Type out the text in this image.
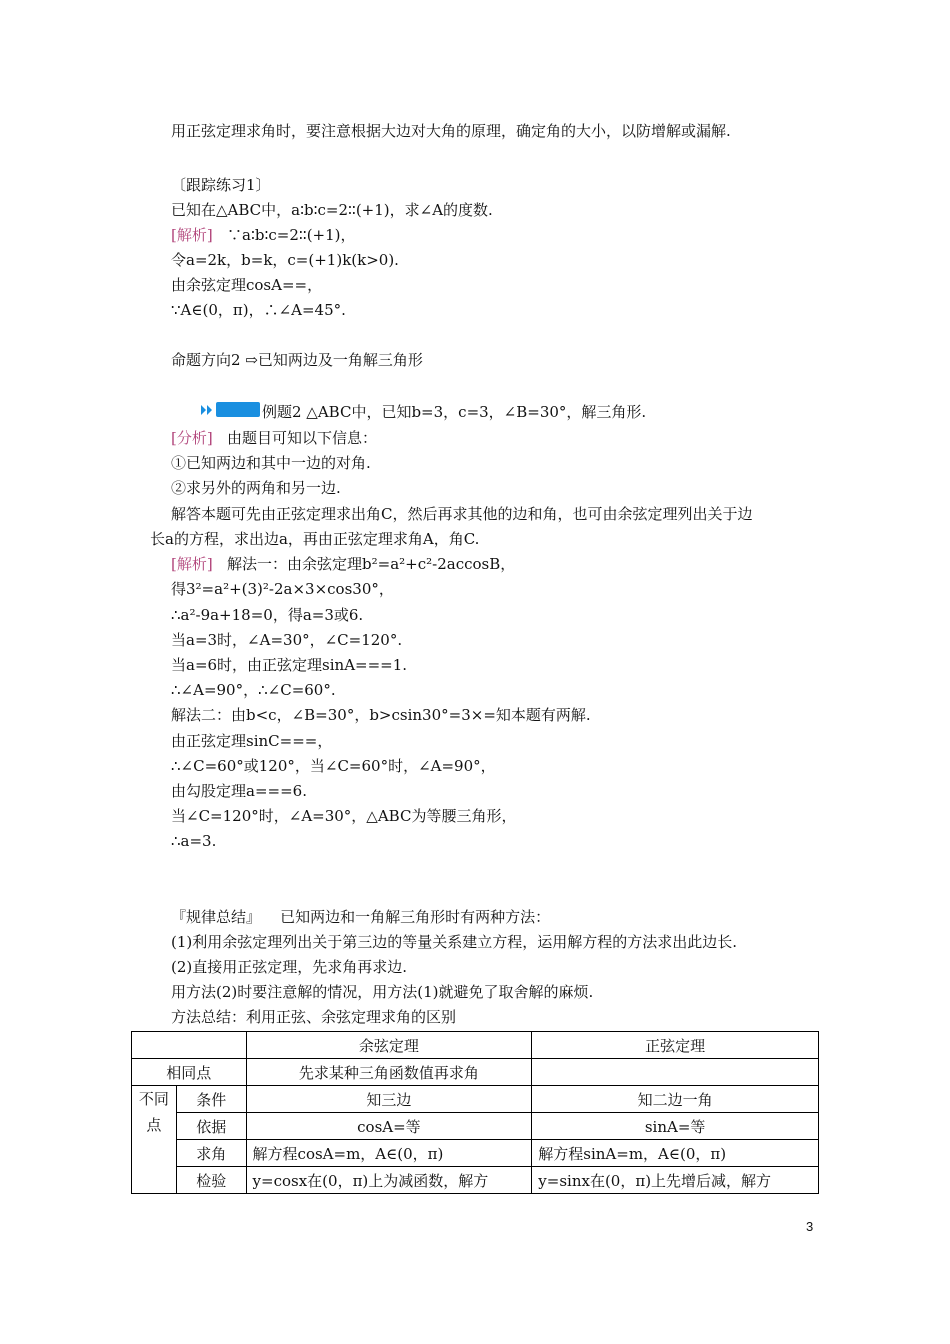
用正弦定理求角时，要注意根据大边对大角的原理，确定角的大小，以防增解或漏解.
〔跟踪练习1〕
已知在△ABC中，a∶b∶c=2∶∶(+1)，求∠A的度数.
[解析] ∵a∶b∶c=2∶∶(+1)，
令a=2k，b=k，c=(+1)k(k>0).
由余弦定理cosA==，
∵A∈(0，π)，∴∠A=45°.
命题方向2 ⇨已知两边及一角解三角形
例题2 △ABC中，已知b=3，c=3，∠B=30°，解三角形.
[分析] 由题目可知以下信息：
①已知两边和其中一边的对角.
②求另外的两角和另一边.
解答本题可先由正弦定理求出角C，然后再求其他的边和角，也可由余弦定理列出关于边
长a的方程，求出边a，再由正弦定理求角A，角C.
[解析] 解法一：由余弦定理b²=a²+c²-2accosB，
得3²=a²+(3)²-2a×3×cos30°，
∴a²-9a+18=0，得a=3或6.
当a=3时，∠A=30°，∠C=120°.
当a=6时，由正弦定理sinA===1.
∴∠A=90°，∴∠C=60°.
解法二：由b<c，∠B=30°，b>csin30°=3×=知本题有两解.
由正弦定理sinC===，
∴∠C=60°或120°，当∠C=60°时，∠A=90°，
由勾股定理a===6.
当∠C=120°时，∠A=30°，△ABC为等腰三角形，
∴a=3.
『规律总结』 已知两边和一角解三角形时有两种方法：
(1)利用余弦定理列出关于第三边的等量关系建立方程，运用解方程的方法求出此边长.
(2)直接用正弦定理，先求角再求边.
用方法(2)时要注意解的情况，用方法(1)就避免了取舍解的麻烦.
方法总结：利用正弦、余弦定理求角的区别
		余弦定理	正弦定理
相同点		先求某种三角函数值再求角	
不同点	条件	知三边	知二边一角
	依据	cosA=等	sinA=等
	求角	解方程cosA=m，A∈(0，π)	解方程sinA=m，A∈(0，π)
	检验	y=cosx在(0，π)上为减函数，解方	y=sinx在(0，π)上先增后减，解方
3
